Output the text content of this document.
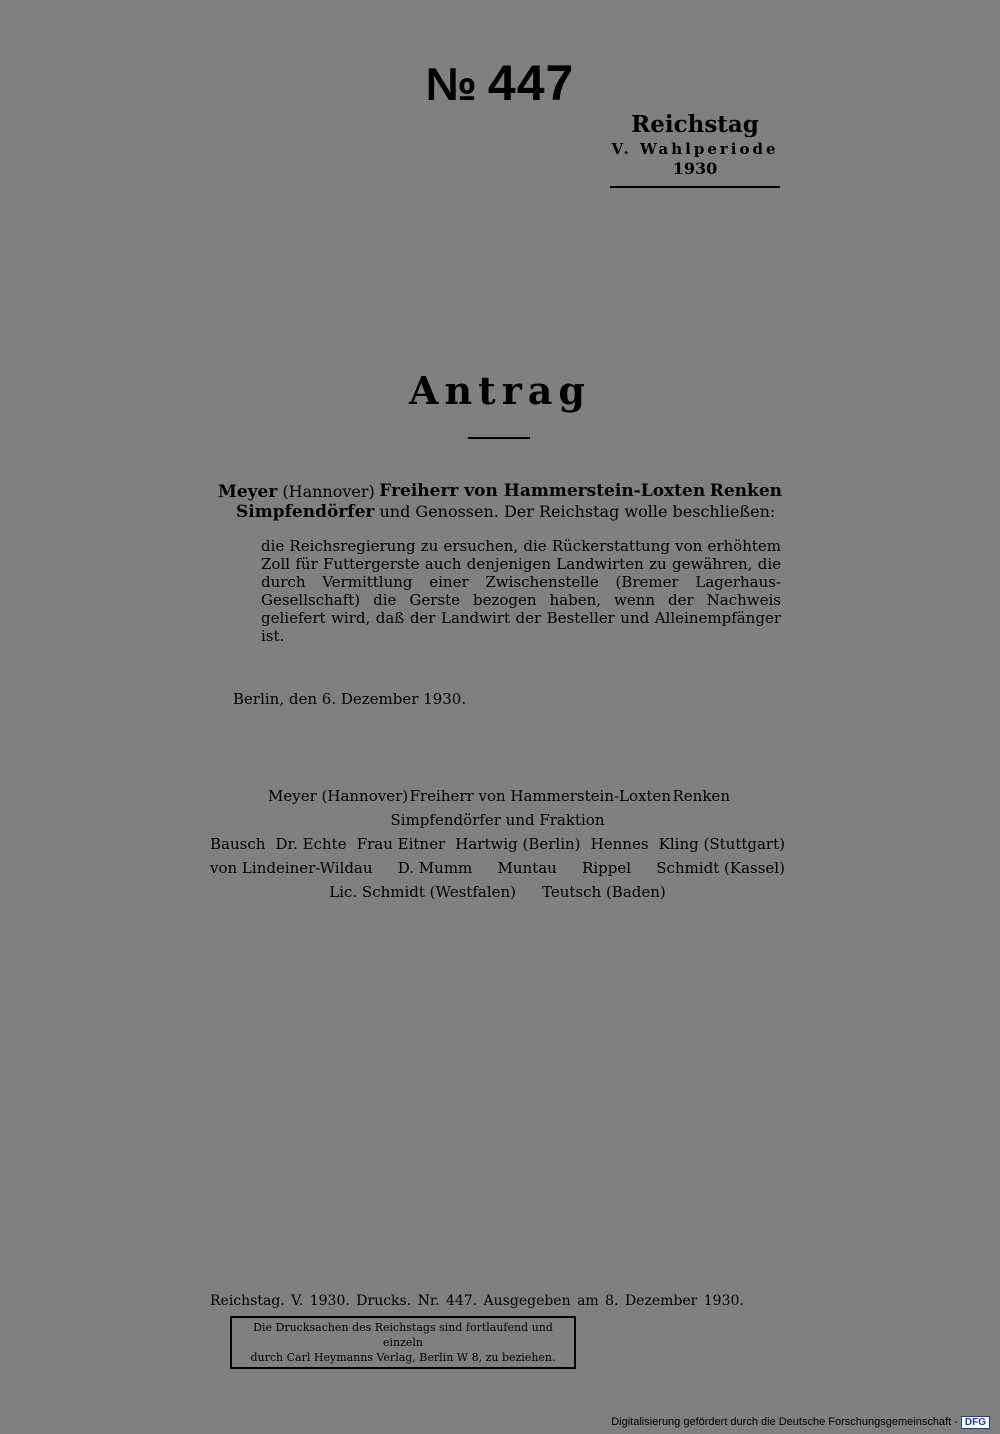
№ 447
Reichstag
V. Wahlperiode
1930
Antrag
Meyer (Hannover) Freiherr von Hammerstein-Loxten Renken
Simpfendörfer und Genossen. Der Reichstag wolle beschließen:
die Reichsregierung zu ersuchen, die Rückerstattung von erhöhtem Zoll für Futtergerste auch denjenigen Landwirten zu gewähren, die durch Vermittlung einer Zwischenstelle (Bremer Lagerhaus-Gesellschaft) die Gerste bezogen haben, wenn der Nachweis geliefert wird, daß der Landwirt der Besteller und Alleinempfänger ist.
Berlin, den 6. Dezember 1930.
Meyer (Hannover) Freiherr von Hammerstein-Loxten Renken
Simpfendörfer und Fraktion
Bausch Dr. Echte Frau Eitner Hartwig (Berlin) Hennes Kling (Stuttgart)
von Lindeiner-Wildau D. Mumm Muntau Rippel Schmidt (Kassel)
Lic. Schmidt (Westfalen) Teutsch (Baden)
Reichstag. V. 1930. Drucks. Nr. 447. Ausgegeben am 8. Dezember 1930.
Die Drucksachen des Reichstags sind fortlaufend und einzeln
durch Carl Heymanns Verlag, Berlin W 8, zu beziehen.
Digitalisierung gefördert durch die Deutsche Forschungsgemeinschaft - DFG
